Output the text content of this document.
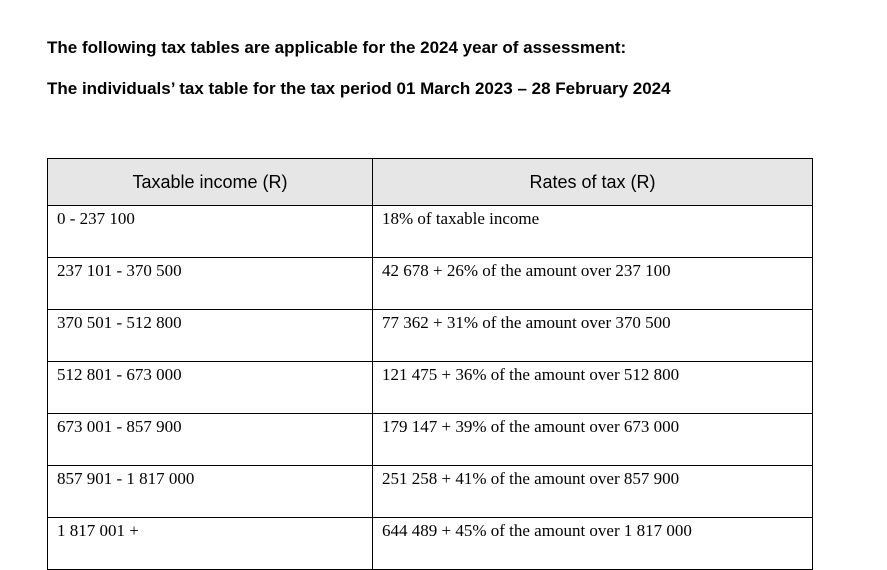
The following tax tables are applicable for the 2024 year of assessment:
The individuals’ tax table for the tax period 01 March 2023 – 28 February 2024
Taxable income (R)	Rates of tax (R)
0 - 237 100	18% of taxable income
237 101 - 370 500	42 678 + 26% of the amount over 237 100
370 501 - 512 800	77 362 + 31% of the amount over 370 500
512 801 - 673 000	121 475 + 36% of the amount over 512 800
673 001 - 857 900	179 147 + 39% of the amount over 673 000
857 901 - 1 817 000	251 258 + 41% of the amount over 857 900
1 817 001 +	644 489 + 45% of the amount over 1 817 000
